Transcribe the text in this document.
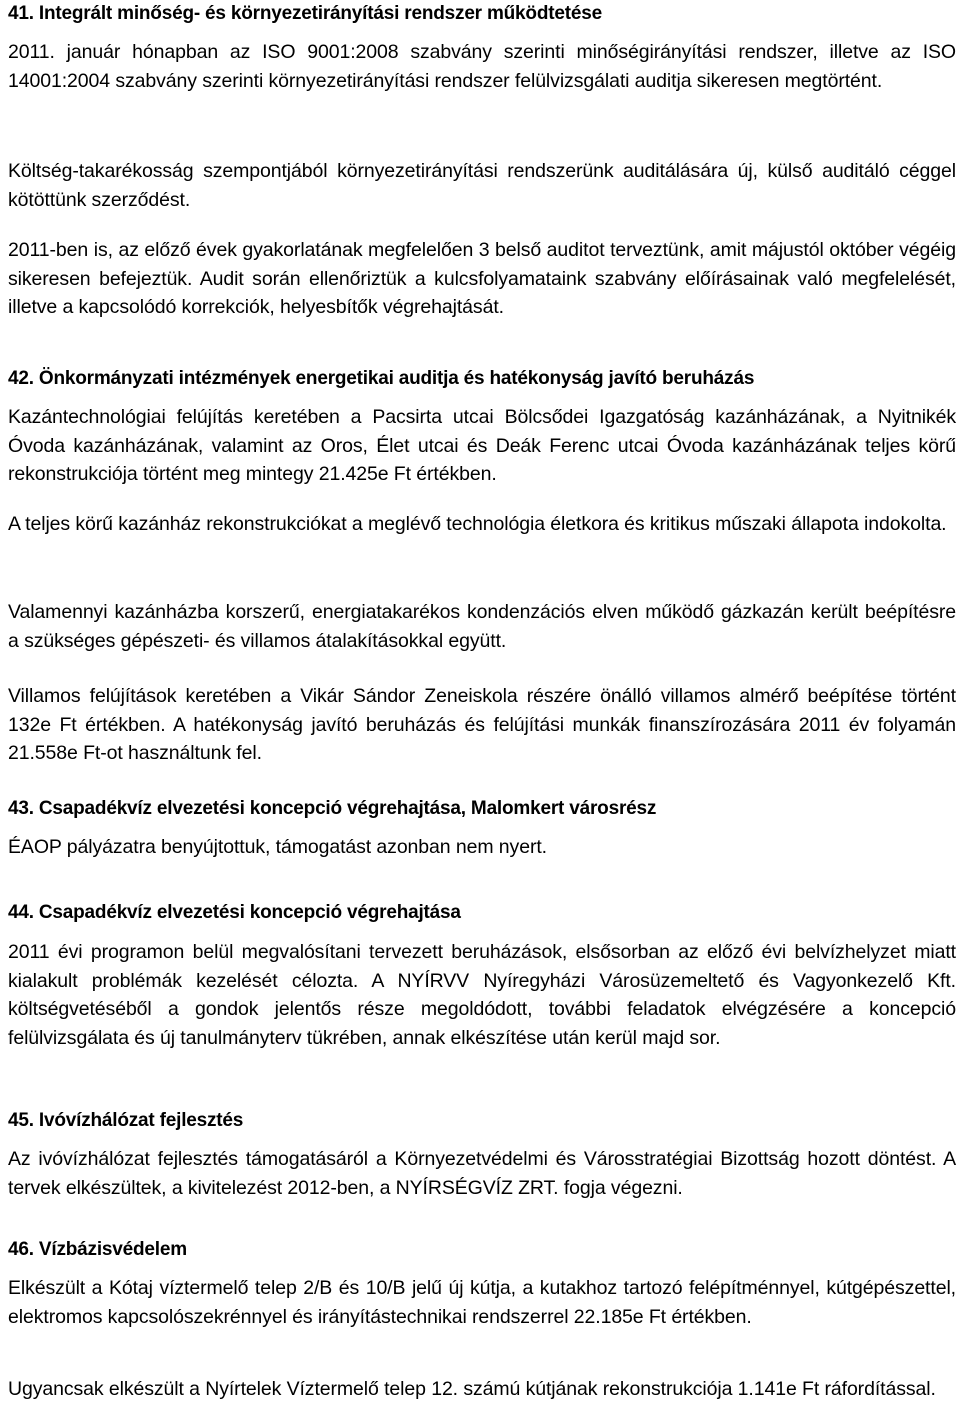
41. Integrált minőség- és környezetirányítási rendszer működtetése

2011. január hónapban az ISO 9001:2008 szabvány szerinti minőségirányítási rendszer, illetve az ISO 14001:2004 szabvány szerinti környezetirányítási rendszer felülvizsgálati auditja sikeresen megtörtént.

Költség-takarékosság szempontjából környezetirányítási rendszerünk auditálására új, külső auditáló céggel kötöttünk szerződést.

2011-ben is, az előző évek gyakorlatának megfelelően 3 belső auditot terveztünk, amit májustól október végéig sikeresen befejeztük. Audit során ellenőriztük a kulcsfolyamataink szabvány előírásainak való megfelelését, illetve a kapcsolódó korrekciók, helyesbítők végrehajtását.

42. Önkormányzati intézmények energetikai auditja és hatékonyság javító beruházás

Kazántechnológiai felújítás keretében a Pacsirta utcai Bölcsődei Igazgatóság kazánházának, a Nyitnikék Óvoda kazánházának, valamint az Oros, Élet utcai és Deák Ferenc utcai Óvoda kazánházának teljes körű rekonstrukciója történt meg mintegy 21.425e Ft értékben.

A teljes körű kazánház rekonstrukciókat a meglévő technológia életkora és kritikus műszaki állapota indokolta.

Valamennyi kazánházba korszerű, energiatakarékos kondenzációs elven működő gázkazán került beépítésre a szükséges gépészeti- és villamos átalakításokkal együtt.

Villamos felújítások keretében a Vikár Sándor Zeneiskola részére önálló villamos almérő beépítése történt 132e Ft értékben. A hatékonyság javító beruházás és felújítási munkák finanszírozására 2011 év folyamán 21.558e Ft-ot használtunk fel.

43. Csapadékvíz elvezetési koncepció végrehajtása, Malomkert városrész

ÉAOP pályázatra benyújtottuk, támogatást azonban nem nyert.

44. Csapadékvíz elvezetési koncepció végrehajtása

2011 évi programon belül megvalósítani tervezett beruházások, elsősorban az előző évi belvízhelyzet miatt kialakult problémák kezelését célozta. A NYÍRVV Nyíregyházi Városüzemeltető és Vagyonkezelő Kft. költségvetéséből a gondok jelentős része megoldódott, további feladatok elvégzésére a koncepció felülvizsgálata és új tanulmányterv tükrében, annak elkészítése után kerül majd sor.

45. Ivóvízhálózat fejlesztés

Az ivóvízhálózat fejlesztés támogatásáról a Környezetvédelmi és Városstratégiai Bizottság hozott döntést. A tervek elkészültek, a kivitelezést 2012-ben, a NYÍRSÉGVÍZ ZRT. fogja végezni.

46. Vízbázisvédelem

Elkészült a Kótaj víztermelő telep 2/B és 10/B jelű új kútja, a kutakhoz tartozó felépítménnyel, kútgépészettel, elektromos kapcsolószekrénnyel és irányítástechnikai rendszerrel 22.185e Ft értékben.

Ugyancsak elkészült a Nyírtelek Víztermelő telep 12. számú kútjának rekonstrukciója 1.141e Ft ráfordítással.
